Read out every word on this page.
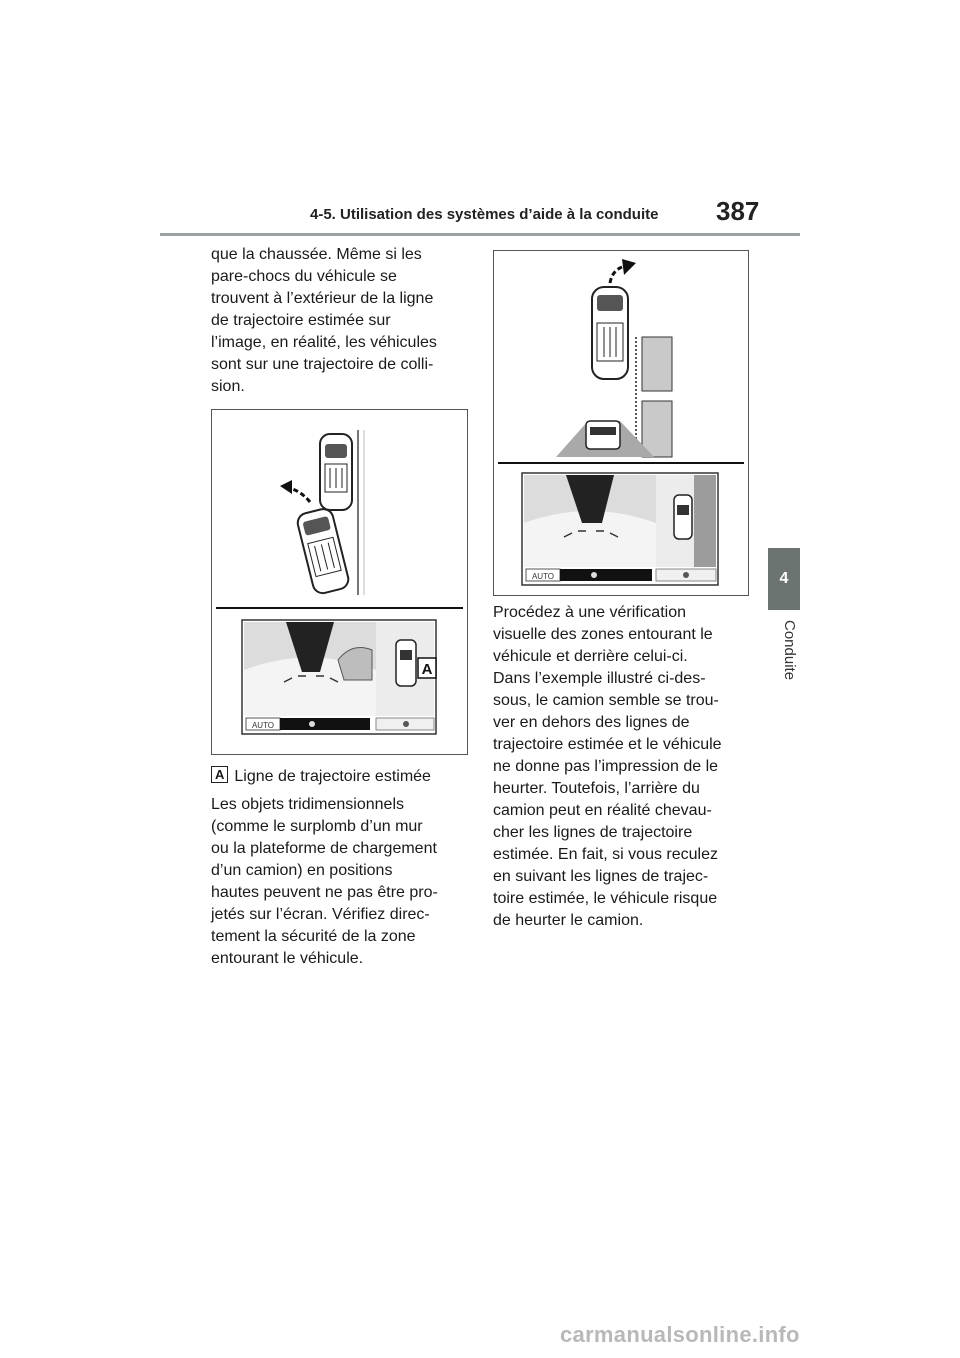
4-5. Utilisation des systèmes d’aide à la conduite 387
4
Conduite
que la chaussée. Même si les
pare-chocs du véhicule se
trouvent à l’extérieur de la ligne
de trajectoire estimée sur
l’image, en réalité, les véhicules
sont sur une trajectoire de colli-
sion.
A
AUTO
A Ligne de trajectoire estimée
Les objets tridimensionnels
(comme le surplomb d’un mur
ou la plateforme de chargement
d’un camion) en positions
hautes peuvent ne pas être pro-
jetés sur l’écran. Vérifiez direc-
tement la sécurité de la zone
entourant le véhicule.
AUTO
Procédez à une vérification
visuelle des zones entourant le
véhicule et derrière celui-ci.
Dans l’exemple illustré ci-des-
sous, le camion semble se trou-
ver en dehors des lignes de
trajectoire estimée et le véhicule
ne donne pas l’impression de le
heurter. Toutefois, l’arrière du
camion peut en réalité chevau-
cher les lignes de trajectoire
estimée. En fait, si vous reculez
en suivant les lignes de trajec-
toire estimée, le véhicule risque
de heurter le camion.
carmanualsonline.info
